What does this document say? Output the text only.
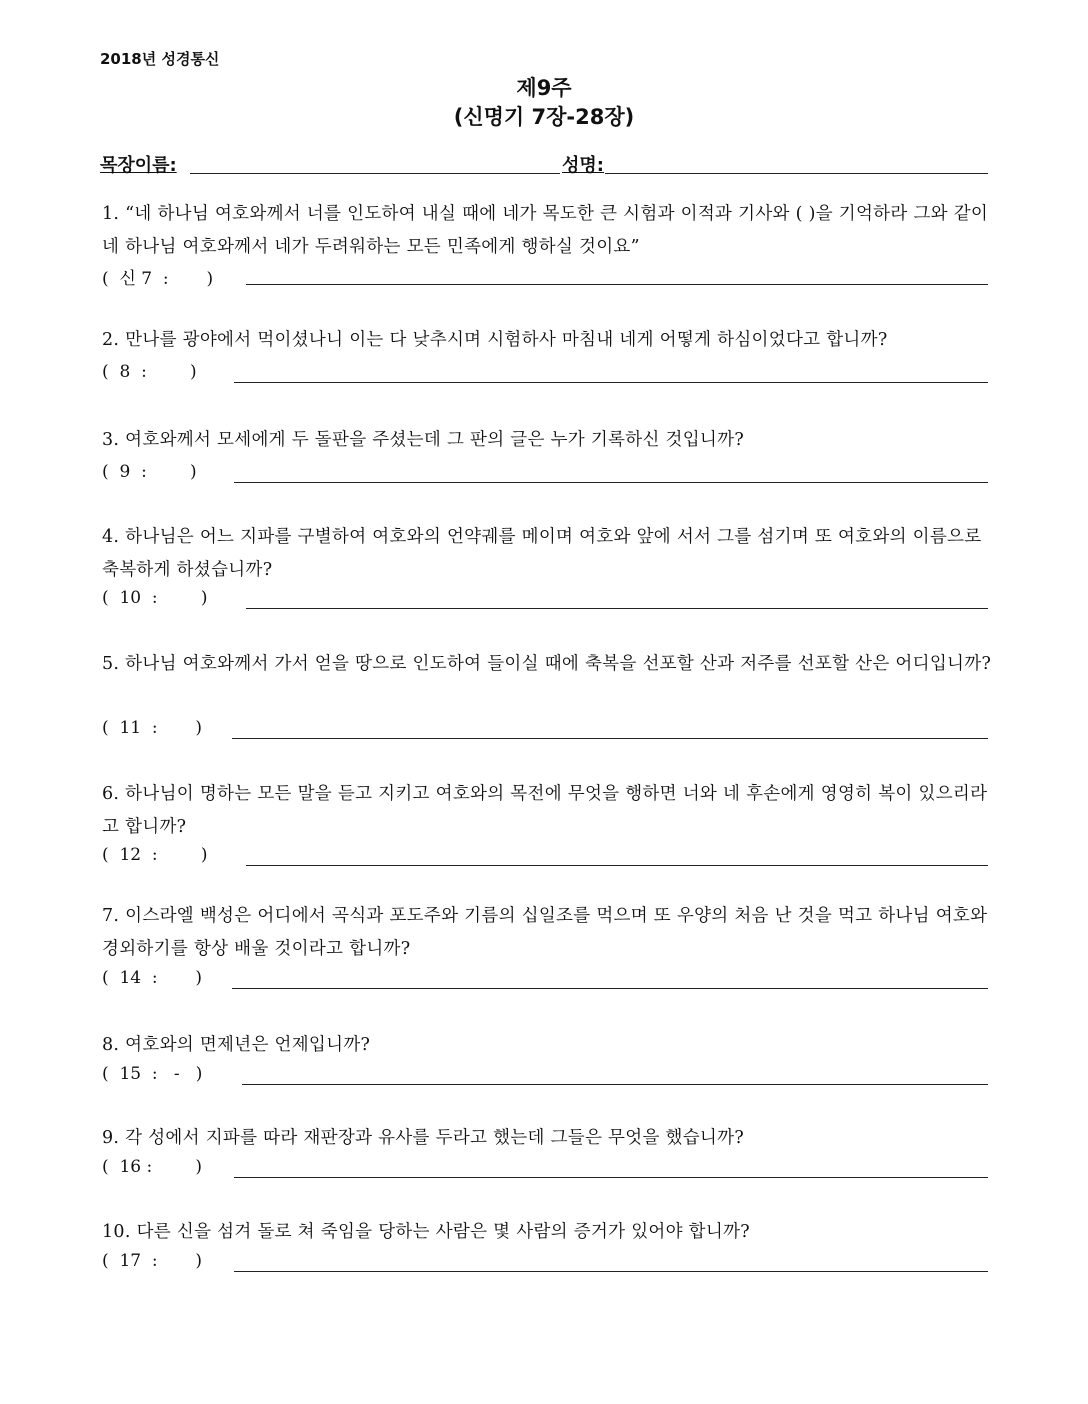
2018년 성경통신
제9주
(신명기 7장-28장)
목장이름:	성명:

1. “네 하나님 여호와께서 너를 인도하여 내실 때에 네가 목도한 큰 시험과 이적과 기사와 ( )을 기억하라 그와 같이 네 하나님 여호와께서 네가 두려워하는 모든 민족에게 행하실 것이요”

(  신 7  :       )

2. 만나를 광야에서 먹이셨나니 이는 다 낮추시며 시험하사 마침내 네게 어떻게 하심이었다고 합니까?

(  8  :        )

3. 여호와께서 모세에게 두 돌판을 주셨는데 그 판의 글은 누가 기록하신 것입니까?

(  9  :        )

4. 하나님은 어느 지파를 구별하여 여호와의 언약궤를 메이며 여호와 앞에 서서 그를 섬기며 또 여호와의 이름으로 축복하게 하셨습니까?

(  10  :        )

5. 하나님 여호와께서 가서 얻을 땅으로 인도하여 들이실 때에 축복을 선포할 산과 저주를 선포할 산은 어디입니까?

(  11  :       )

6. 하나님이 명하는 모든 말을 듣고 지키고 여호와의 목전에 무엇을 행하면 너와 네 후손에게 영영히 복이 있으리라고 합니까?

(  12  :        )

7. 이스라엘 백성은 어디에서 곡식과 포도주와 기름의 십일조를 먹으며 또 우양의 처음 난 것을 먹고 하나님 여호와 경외하기를 항상 배울 것이라고 합니까?

(  14  :       )

8. 여호와의 면제년은 언제입니까?

(  15  :   -   )

9. 각 성에서 지파를 따라 재판장과 유사를 두라고 했는데 그들은 무엇을 했습니까?

(  16 :        )

10. 다른 신을 섬겨 돌로 쳐 죽임을 당하는 사람은 몇 사람의 증거가 있어야 합니까?

(  17  :       )
